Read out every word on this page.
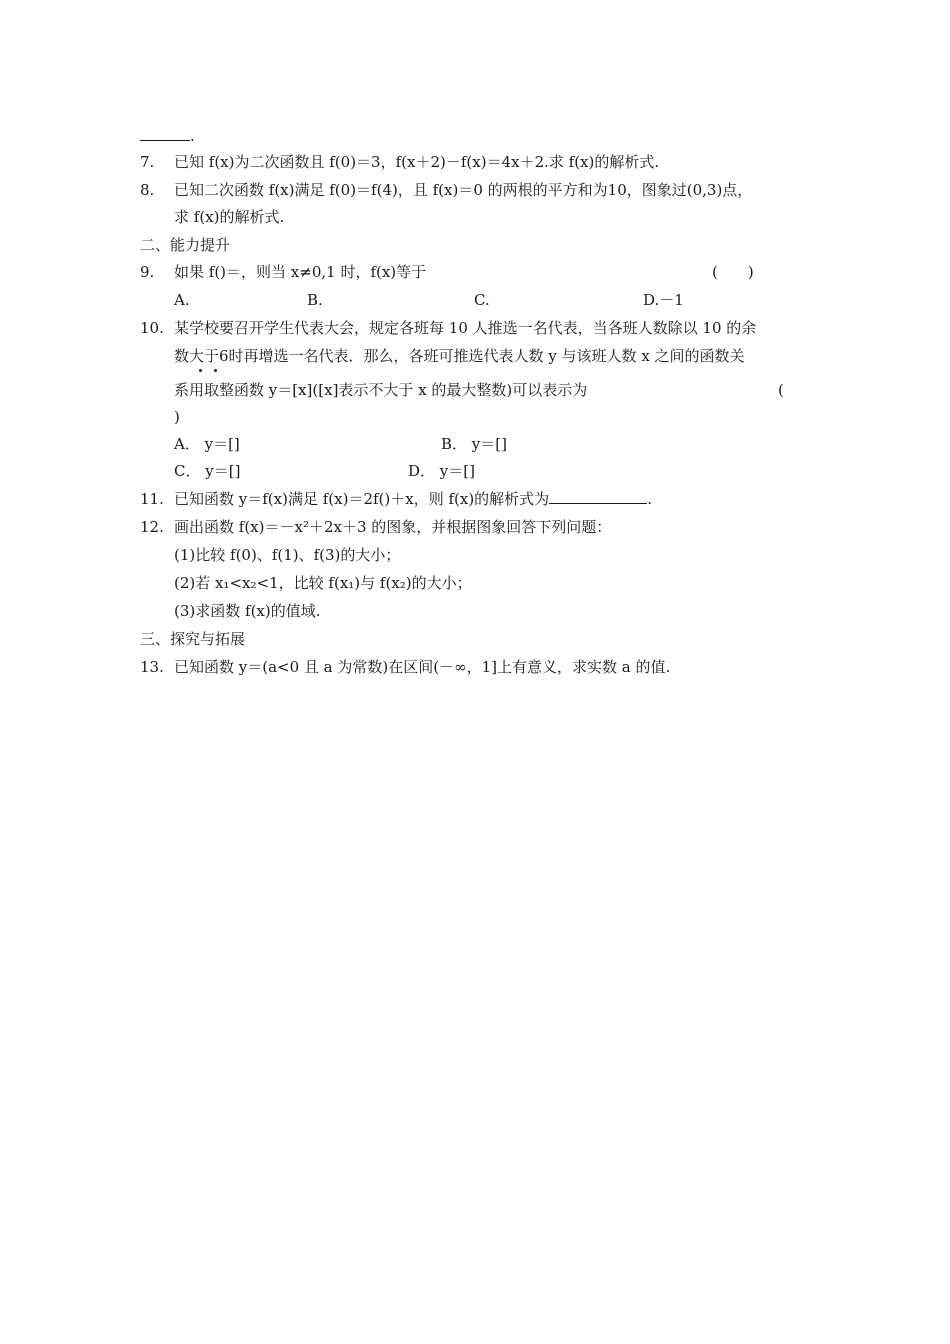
.
7. 已知 f(x)为二次函数且 f(0)＝3，f(x＋2)－f(x)＝4x＋2.求 f(x)的解析式.
8. 已知二次函数 f(x)满足 f(0)＝f(4)，且 f(x)＝0 的两根的平方和为10，图象过(0,3)点，
求 f(x)的解析式.
二、能力提升
9. 如果 f()＝，则当 x≠0,1 时，f(x)等于	(　　)
A.	B.	C.	D.－1
10. 某学校要召开学生代表大会，规定各班每 10 人推选一名代表，当各班人数除以 10 的余
数大于6时再增选一名代表．那么，各班可推选代表人数 y 与该班人数 x 之间的函数关
系用取整函数 y＝[x]([x]表示不大于 x 的最大整数)可以表示为	(
)
A． y＝[]	B． y＝[]
C． y＝[]	D． y＝[]
11. 已知函数 y＝f(x)满足 f(x)＝2f()＋x，则 f(x)的解析式为	.
12. 画出函数 f(x)＝－x²＋2x＋3 的图象，并根据图象回答下列问题：
(1)比较 f(0)、f(1)、f(3)的大小；
(2)若 x₁<x₂<1，比较 f(x₁)与 f(x₂)的大小；
(3)求函数 f(x)的值域.
三、探究与拓展
13. 已知函数 y＝(a<0 且 a 为常数)在区间(－∞，1]上有意义，求实数 a 的值.
